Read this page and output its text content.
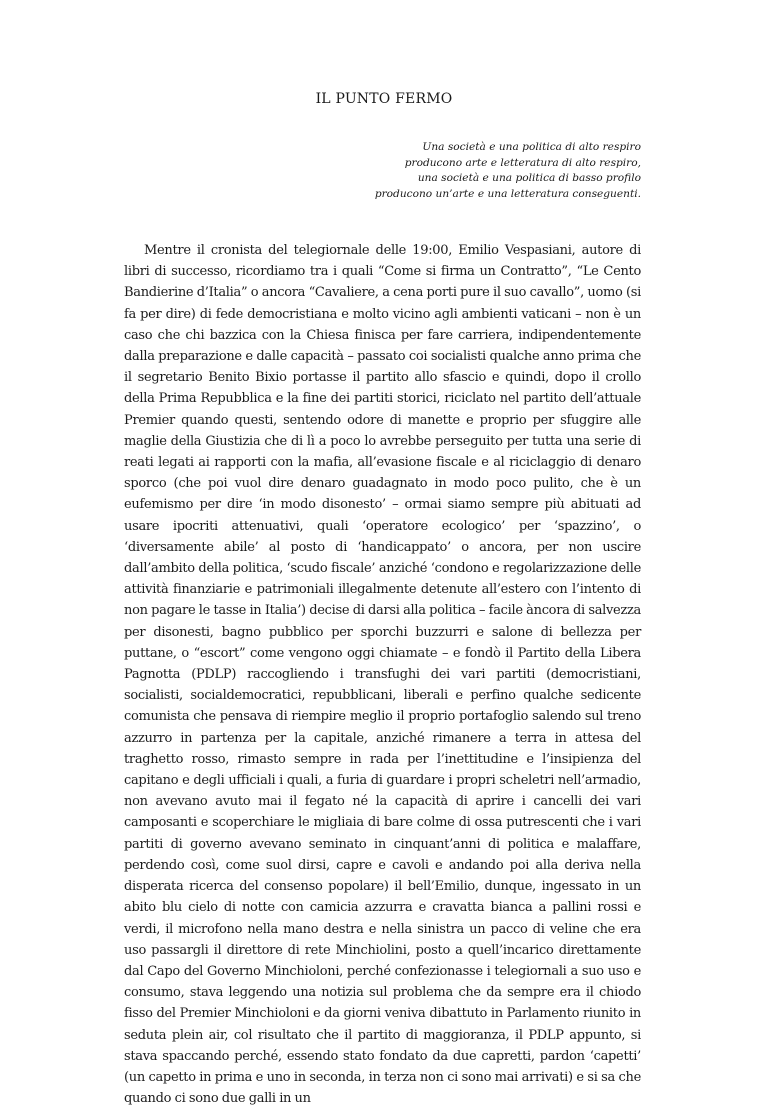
IL PUNTO FERMO
Una società e una politica di alto respiro
producono arte e letteratura di alto respiro,
una società e una politica di basso profilo
producono un’arte e una letteratura conseguenti.

Mentre il cronista del telegiornale delle 19:00, Emilio Vespasiani, autore di libri di successo, ricordiamo tra i quali “Come si firma un Contratto”, “Le Cento Bandierine d’Italia” o ancora “Cavaliere, a cena porti pure il suo cavallo”, uomo (si fa per dire) di fede democristiana e molto vicino agli ambienti vaticani – non è un caso che chi bazzica con la Chiesa finisca per fare carriera, indipendentemente dalla preparazione e dalle capacità – passato coi socialisti qualche anno prima che il segretario Benito Bixio portasse il partito allo sfascio e quindi, dopo il crollo della Prima Repubblica e la fine dei partiti storici, riciclato nel partito dell’attuale Premier quando questi, sentendo odore di manette e proprio per sfuggire alle maglie della Giustizia che di lì a poco lo avrebbe perseguito per tutta una serie di reati legati ai rapporti con la mafia, all’evasione fiscale e al riciclaggio di denaro sporco (che poi vuol dire denaro guadagnato in modo poco pulito, che è un eufemismo per dire ‘in modo disonesto’ – ormai siamo sempre più abituati ad usare ipocriti attenuativi, quali ‘operatore ecologico’ per ‘spazzino’, o ‘diversamente abile’ al posto di ‘handicappato’ o ancora, per non uscire dall’ambito della politica, ‘scudo fiscale’ anziché ‘condono e regolarizzazione delle attività finanziarie e patrimoniali illegalmente detenute all’estero con l’intento di non pagare le tasse in Italia’) decise di darsi alla politica – facile àncora di salvezza per disonesti, bagno pubblico per sporchi buzzurri e salone di bellezza per puttane, o “escort” come vengono oggi chiamate – e fondò il Partito della Libera Pagnotta (PDLP) raccogliendo i transfughi dei vari partiti (democristiani, socialisti, socialdemocratici, repubblicani, liberali e perfino qualche sedicente comunista che pensava di riempire meglio il proprio portafoglio salendo sul treno azzurro in partenza per la capitale, anziché rimanere a terra in attesa del traghetto rosso, rimasto sempre in rada per l’inettitudine e l’insipienza del capitano e degli ufficiali i quali, a furia di guardare i propri scheletri nell’armadio, non avevano avuto mai il fegato né la capacità di aprire i cancelli dei vari camposanti e scoperchiare le migliaia di bare colme di ossa putrescenti che i vari partiti di governo avevano seminato in cinquant’anni di politica e malaffare, perdendo così, come suol dirsi, capre e cavoli e andando poi alla deriva nella disperata ricerca del consenso popolare) il bell’Emilio, dunque, ingessato in un abito blu cielo di notte con camicia azzurra e cravatta bianca a pallini rossi e verdi, il microfono nella mano destra e nella sinistra un pacco di veline che era uso passargli il direttore di rete Minchiolini, posto a quell’incarico direttamente dal Capo del Governo Minchioloni, perché confezionasse i telegiornali a suo uso e consumo, stava leggendo una notizia sul problema che da sempre era il chiodo fisso del Premier Minchioloni e da giorni veniva dibattuto in Parlamento riunito in seduta plein air, col risultato che il partito di maggioranza, il PDLP appunto, si stava spaccando perché, essendo stato fondato da due capretti, pardon ‘capetti’ (un capetto in prima e uno in seconda, in terza non ci sono mai arrivati) e si sa che quando ci sono due galli in un
